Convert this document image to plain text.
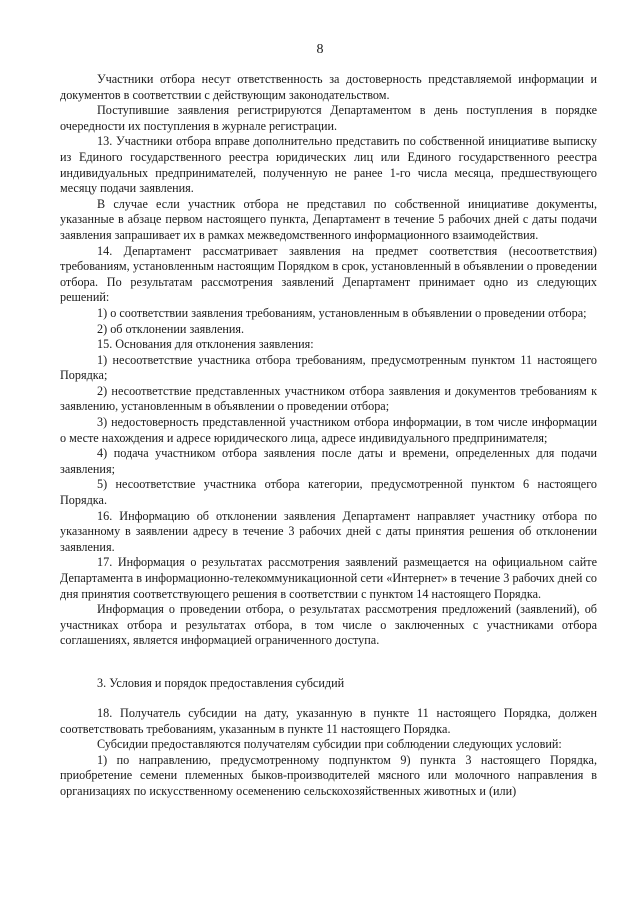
8

Участники отбора несут ответственность за достоверность представляемой информации и документов в соответствии с действующим законодательством.

Поступившие заявления регистрируются Департаментом в день поступления в порядке очередности их поступления в журнале регистрации.

13. Участники отбора вправе дополнительно представить по собственной инициативе выписку из Единого государственного реестра юридических лиц или Единого государственного реестра индивидуальных предпринимателей, полученную не ранее 1-го числа месяца, предшествующего месяцу подачи заявления.

В случае если участник отбора не представил по собственной инициативе документы, указанные в абзаце первом настоящего пункта, Департамент в течение 5 рабочих дней с даты подачи заявления запрашивает их в рамках межведомственного информационного взаимодействия.

14. Департамент рассматривает заявления на предмет соответствия (несоответствия) требованиям, установленным настоящим Порядком в срок, установленный в объявлении о проведении отбора. По результатам рассмотрения заявлений Департамент принимает одно из следующих решений:

1) о соответствии заявления требованиям, установленным в объявлении о проведении отбора;

2) об отклонении заявления.

15. Основания для отклонения заявления:

1) несоответствие участника отбора требованиям, предусмотренным пунктом 11 настоящего Порядка;

2) несоответствие представленных участником отбора заявления и документов требованиям к заявлению, установленным в объявлении о проведении отбора;

3) недостоверность представленной участником отбора информации, в том числе информации о месте нахождения и адресе юридического лица, адресе индивидуального предпринимателя;

4) подача участником отбора заявления после даты и времени, определенных для подачи заявления;

5) несоответствие участника отбора категории, предусмотренной пунктом 6 настоящего Порядка.

16. Информацию об отклонении заявления Департамент направляет участнику отбора по указанному в заявлении адресу в течение 3 рабочих дней с даты принятия решения об отклонении заявления.

17. Информация о результатах рассмотрения заявлений размещается на официальном сайте Департамента в информационно-телекоммуникационной сети «Интернет» в течение 3 рабочих дней со дня принятия соответствующего решения в соответствии с пунктом 14 настоящего Порядка.

Информация о проведении отбора, о результатах рассмотрения предложений (заявлений), об участниках отбора и результатах отбора, в том числе о заключенных с участниками отбора соглашениях, является информацией ограниченного доступа.

3. Условия и порядок предоставления субсидий

18. Получатель субсидии на дату, указанную в пункте 11 настоящего Порядка, должен соответствовать требованиям, указанным в пункте 11 настоящего Порядка.

Субсидии предоставляются получателям субсидии при соблюдении следующих условий:

1) по направлению, предусмотренному подпунктом 9) пункта 3 настоящего Порядка, приобретение семени племенных быков-производителей мясного или молочного направления в организациях по искусственному осеменению сельскохозяйственных животных и (или)
